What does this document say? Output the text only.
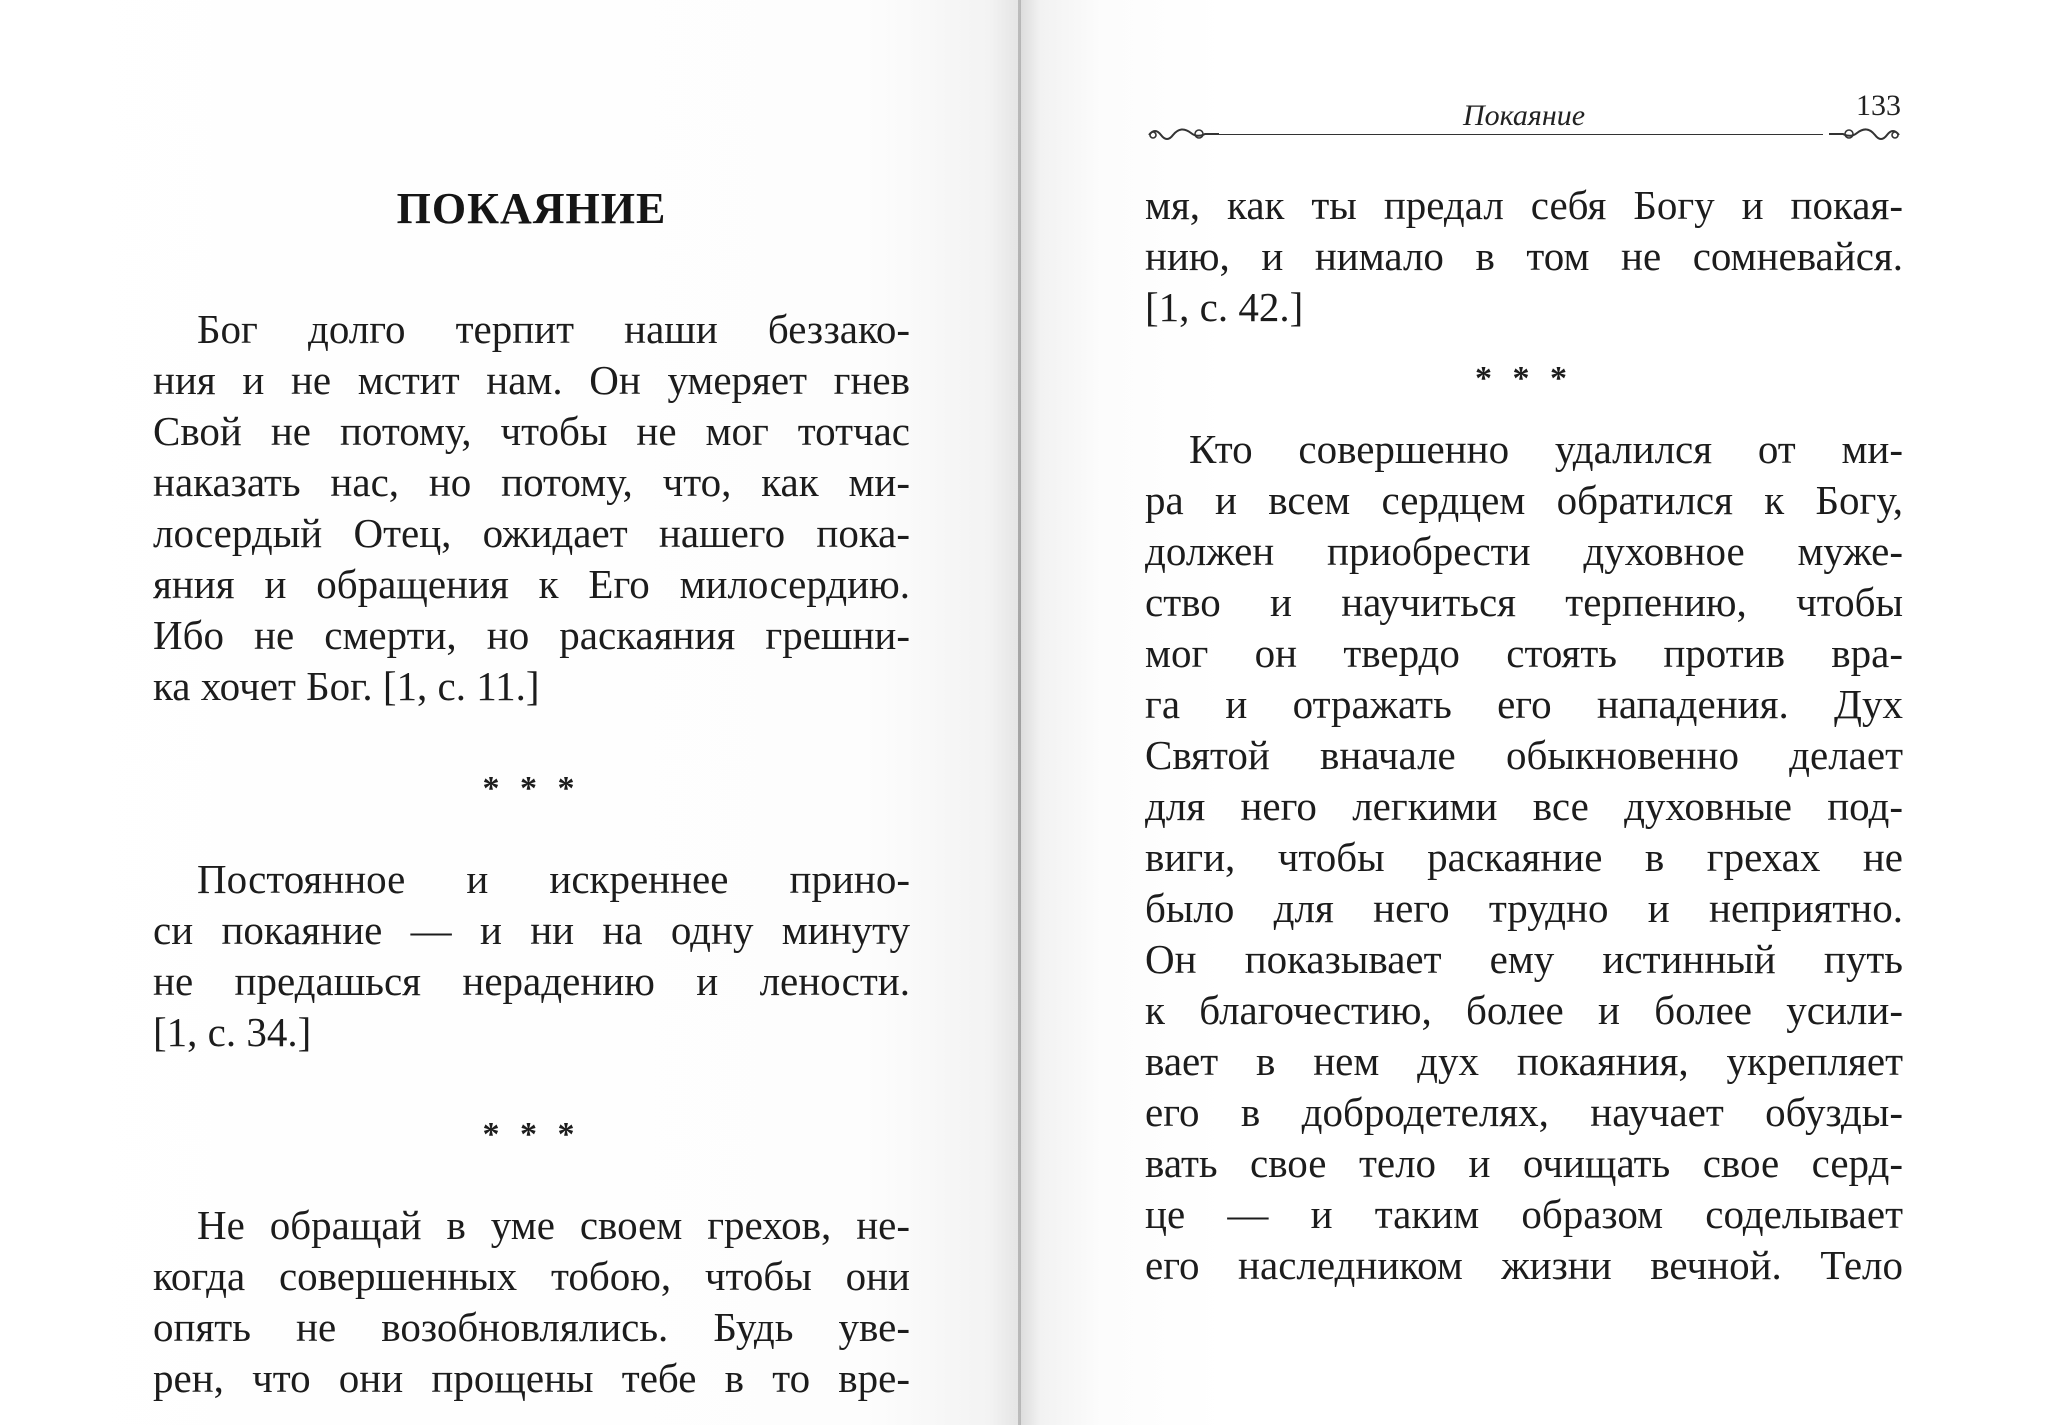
ПОКАЯНИЕ
Бог долго терпит наши беззако-
ния и не мстит нам. Он умеряет гнев
Свой не потому, чтобы не мог тотчас
наказать нас, но потому, что, как ми-
лосердый Отец, ожидает нашего пока-
яния и обращения к Его милосердию.
Ибо не смерти, но раскаяния грешни-
ка хочет Бог. [1, с. 11.]
* * *
Постоянное и искреннее прино-
си покаяние — и ни на одну минуту
не предашься нерадению и лености.
[1, с. 34.]
* * *
Не обращай в уме своем грехов, не-
когда совершенных тобою, чтобы они
опять не возобновлялись. Будь уве-
рен, что они прощены тебе в то вре-
Покаяние	133
мя, как ты предал себя Богу и покая-
нию, и нимало в том не сомневайся.
[1, с. 42.]
* * *
Кто совершенно удалился от ми-
ра и всем сердцем обратился к Богу,
должен приобрести духовное муже-
ство и научиться терпению, чтобы
мог он твердо стоять против вра-
га и отражать его нападения. Дух
Святой вначале обыкновенно делает
для него легкими все духовные под-
виги, чтобы раскаяние в грехах не
было для него трудно и неприятно.
Он показывает ему истинный путь
к благочестию, более и более усили-
вает в нем дух покаяния, укрепляет
его в добродетелях, научает обузды-
вать свое тело и очищать свое серд-
це — и таким образом соделывает
его наследником жизни вечной. Тело
